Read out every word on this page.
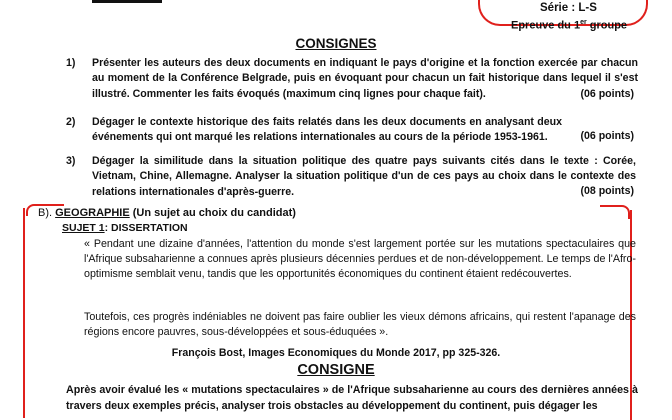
Série : L-S
Epreuve du 1er groupe
CONSIGNES
1) Présenter les auteurs des deux documents en indiquant le pays d'origine et la fonction exercée par chacun au moment de la Conférence Belgrade, puis en évoquant pour chacun un fait historique dans lequel il s'est illustré. Commenter les faits évoqués (maximum cinq lignes pour chaque fait).	(06 points)
2) Dégager le contexte historique des faits relatés dans les deux documents en analysant deux événements qui ont marqué les relations internationales au cours de la période 1953-1961.	(06 points)
3) Dégager la similitude dans la situation politique des quatre pays suivants cités dans le texte : Corée, Vietnam, Chine, Allemagne. Analyser la situation politique d'un de ces pays au choix dans le contexte des relations internationales d'après-guerre.	(08 points)
B). GEOGRAPHIE (Un sujet au choix du candidat)
SUJET 1: DISSERTATION
« Pendant une dizaine d'années, l'attention du monde s'est largement portée sur les mutations spectaculaires que l'Afrique subsaharienne a connues après plusieurs décennies perdues et de non-développement. Le temps de l'Afro-optimisme semblait venu, tandis que les opportunités économiques du continent étaient redécouvertes.
Toutefois, ces progrès indéniables ne doivent pas faire oublier les vieux démons africains, qui restent l'apanage des régions encore pauvres, sous-développées et sous-éduquées ».
François Bost, Images Economiques du Monde 2017, pp 325-326.
CONSIGNE
Après avoir évalué les « mutations spectaculaires » de l'Afrique subsaharienne au cours des dernières années à travers deux exemples précis, analyser trois obstacles au développement du continent, puis dégager les
